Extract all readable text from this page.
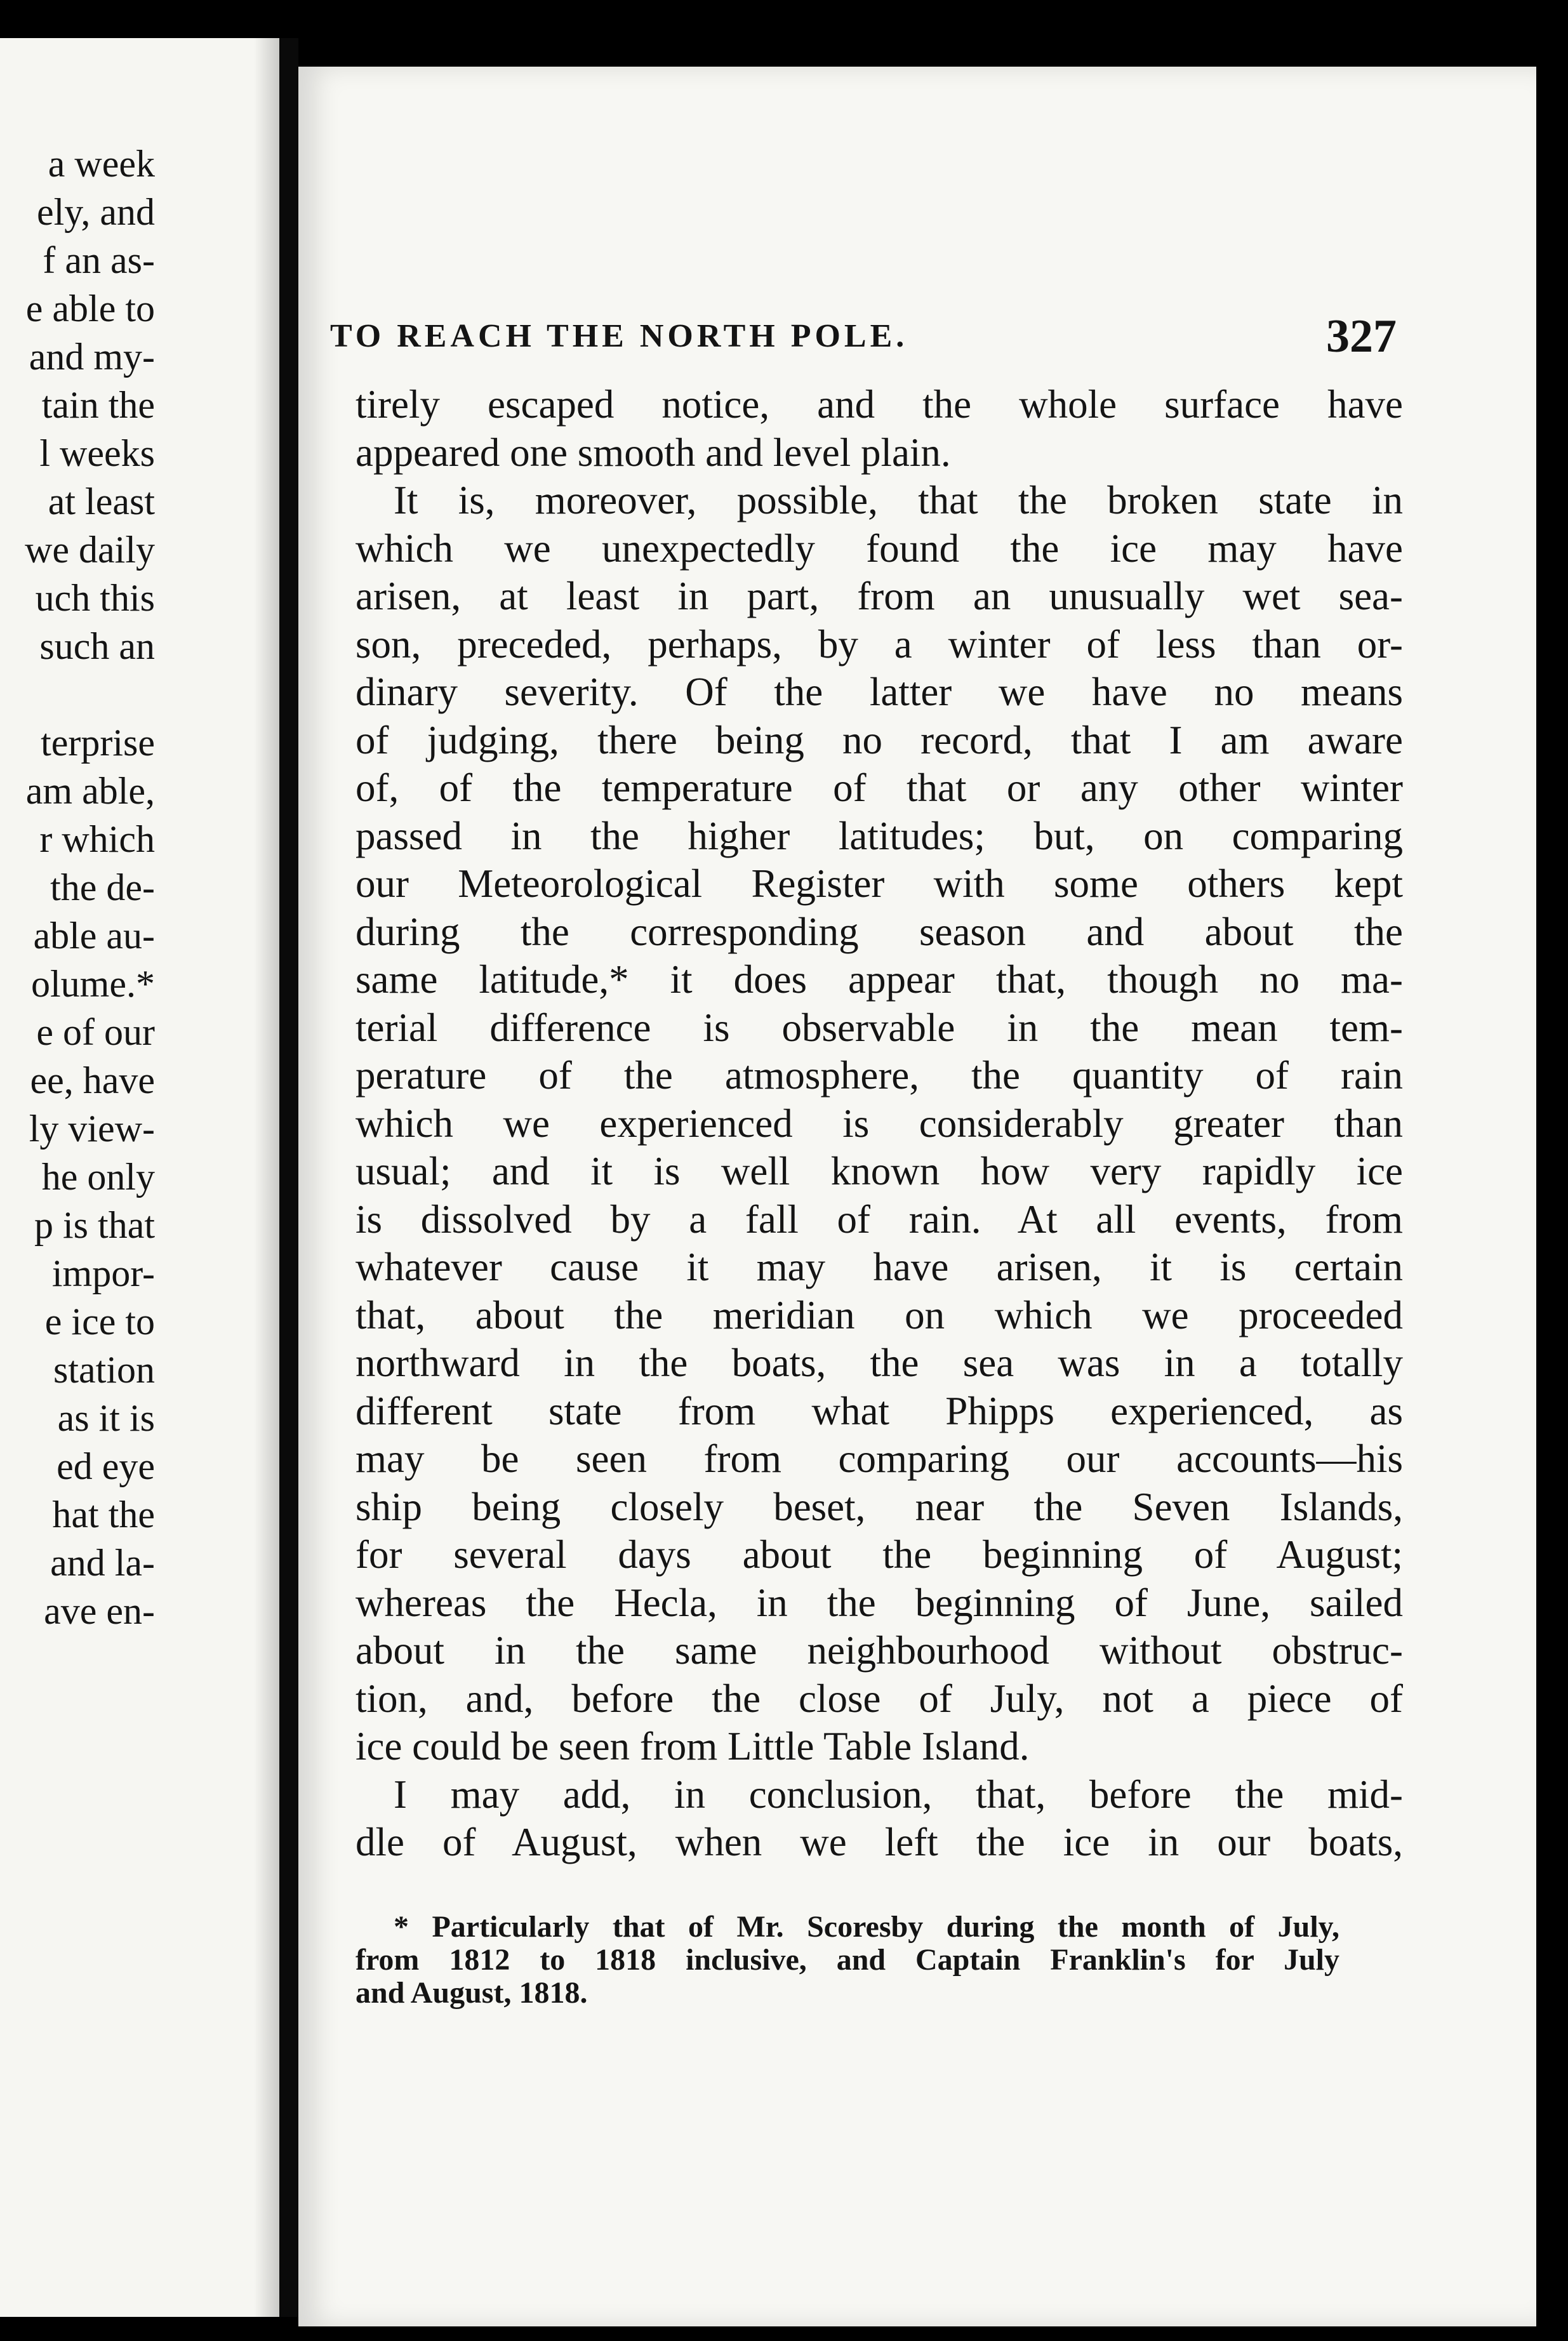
a week
ely, and
f an as-
e able to
and my-
tain the
l weeks
at least
we daily
uch this
such an
terprise
am able,
r which
the de-
able au-
olume.*
e of our
ee, have
ly view-
he only
p is that
impor-
e ice to
station
as it is
ed eye
hat the
and la-
ave en-
TO REACH THE NORTH POLE.	327
tirely escaped notice, and the whole surface have
appeared one smooth and level plain.
It is, moreover, possible, that the broken state in
which we unexpectedly found the ice may have
arisen, at least in part, from an unusually wet sea-
son, preceded, perhaps, by a winter of less than or-
dinary severity. Of the latter we have no means
of judging, there being no record, that I am aware
of, of the temperature of that or any other winter
passed in the higher latitudes; but, on comparing
our Meteorological Register with some others kept
during the corresponding season and about the
same latitude,* it does appear that, though no ma-
terial difference is observable in the mean tem-
perature of the atmosphere, the quantity of rain
which we experienced is considerably greater than
usual; and it is well known how very rapidly ice
is dissolved by a fall of rain. At all events, from
whatever cause it may have arisen, it is certain
that, about the meridian on which we proceeded
northward in the boats, the sea was in a totally
different state from what Phipps experienced, as
may be seen from comparing our accounts—his
ship being closely beset, near the Seven Islands,
for several days about the beginning of August;
whereas the Hecla, in the beginning of June, sailed
about in the same neighbourhood without obstruc-
tion, and, before the close of July, not a piece of
ice could be seen from Little Table Island.
I may add, in conclusion, that, before the mid-
dle of August, when we left the ice in our boats,
* Particularly that of Mr. Scoresby during the month of July,
from 1812 to 1818 inclusive, and Captain Franklin's for July
and August, 1818.
